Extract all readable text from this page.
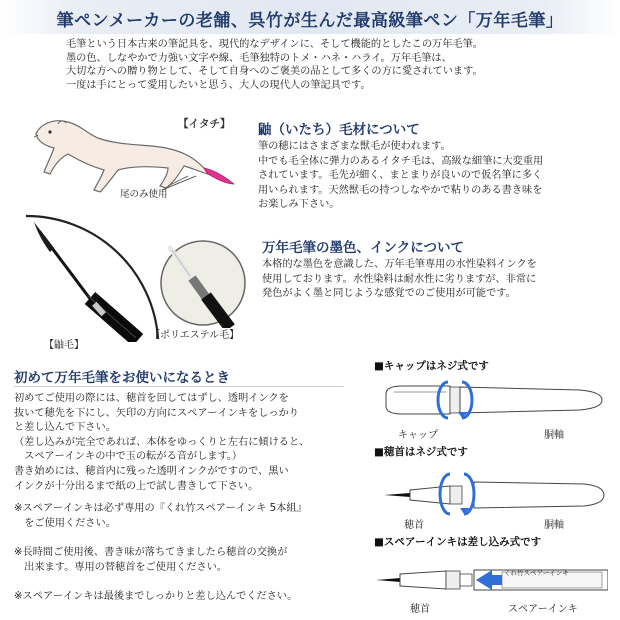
筆ペンメーカーの老舗、呉竹が生んだ最高級筆ペン「万年毛筆」
毛筆という日本古来の筆記具を、現代的なデザインに、そして機能的としたこの万年毛筆。
墨の色、しなやかで力強い文字や線、毛筆独特のトメ・ハネ・ハライ。万年毛筆は、
大切な方への贈り物として、そして自身へのご褒美の品として多くの方に愛されています。
一度は手にとって愛用したいと思う、大人の現代人の筆記具です。
【イタチ】
尾のみ使用
鼬（いたち）毛材について
筆の穂にはさまざまな獣毛が使われます。
中でも毛全体に弾力のあるイタチ毛は、高級な細筆に大変重用
されています。毛先が細く、まとまりが良いので仮名筆に多く
用いられます。天然獣毛の持つしなやかで粘りのある書き味を
お楽しみ下さい。
【鼬毛】
【ポリエステル毛】
万年毛筆の墨色、インクについて
本格的な墨色を意識した、万年毛筆専用の水性染料インクを
使用しております。水性染料は耐水性に劣りますが、非常に
発色がよく墨と同じような感覚でのご使用が可能です。
初めて万年毛筆をお使いになるとき
初めてご使用の際には、穂首を回してはずし、透明インクを
抜いて穂先を下にし、矢印の方向にスペアーインキをしっかり
と差し込んで下さい。
（差し込みが完全であれば、本体をゆっくりと左右に傾けると、
　スペアーインキの中で玉の転がる音がします。）
書き始めには、穂首内に残った透明インクがですので、黒い
インクが十分出るまで紙の上で試し書きして下さい。
※スペアーインキは必ず専用の『くれ竹スペアーインキ 5本組』
　をご使用ください。
※長時間ご使用後、書き味が落ちてきましたら穂首の交換が
　出来ます。専用の替穂首をご使用ください。
※スペアーインキは最後までしっかりと差し込んでください。
■キャップはネジ式です
キャップ	胴軸
■穂首はネジ式です
穂首	胴軸
■スペアーインキは差し込み式です
くれ竹スペアーインキ
穂首	スペアーインキ
